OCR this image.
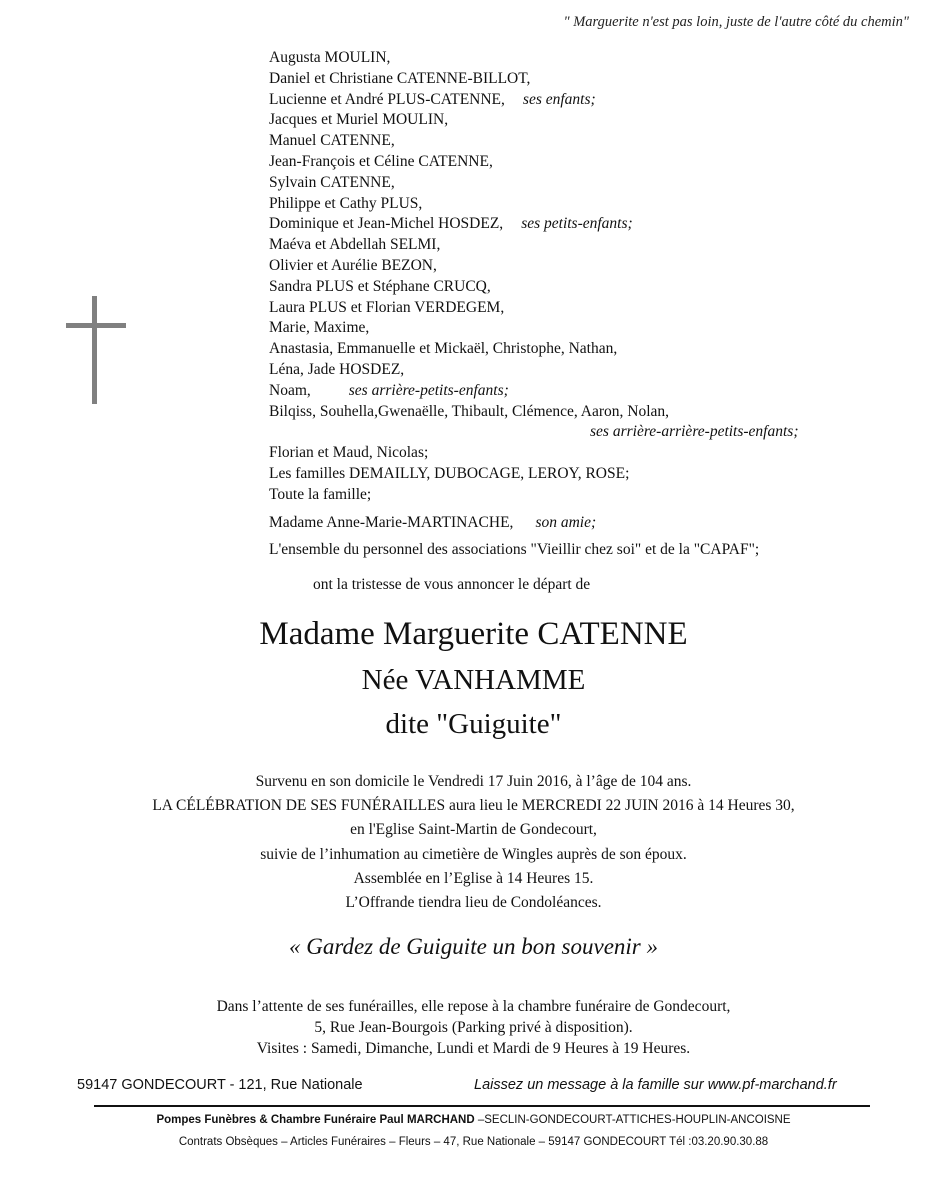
" Marguerite n'est pas loin, juste de l'autre côté du chemin"
Augusta MOULIN,
Daniel et Christiane CATENNE-BILLOT,
Lucienne et André PLUS-CATENNE, ses enfants;
Jacques et Muriel MOULIN,
Manuel CATENNE,
Jean-François et Céline CATENNE,
Sylvain CATENNE,
Philippe et Cathy PLUS,
Dominique et Jean-Michel HOSDEZ, ses petits-enfants;
Maéva et Abdellah SELMI,
Olivier et Aurélie BEZON,
Sandra PLUS et Stéphane CRUCQ,
Laura PLUS et Florian VERDEGEM,
Marie, Maxime,
Anastasia, Emmanuelle et Mickaël, Christophe, Nathan,
Léna, Jade HOSDEZ,
Noam, ses arrière-petits-enfants;
Bilqiss, Souhella,Gwenaëlle, Thibault, Clémence, Aaron, Nolan,
ses arrière-arrière-petits-enfants;
Florian et Maud, Nicolas;
Les familles DEMAILLY, DUBOCAGE, LEROY, ROSE;
Toute la famille;
Madame Anne-Marie-MARTINACHE, son amie;
L'ensemble du personnel des associations "Vieillir chez soi" et de la "CAPAF";
ont la tristesse de vous annoncer le départ de
Madame Marguerite CATENNE
Née VANHAMME
dite "Guiguite"
Survenu en son domicile le Vendredi 17 Juin 2016, à l’âge de 104 ans.
LA CÉLÉBRATION DE SES FUNÉRAILLES aura lieu le MERCREDI 22 JUIN 2016 à 14 Heures 30,
en l'Eglise Saint-Martin de Gondecourt,
suivie de l’inhumation au cimetière de Wingles auprès de son époux.
Assemblée en l’Eglise à 14 Heures 15.
L’Offrande tiendra lieu de Condoléances.
« Gardez de Guiguite un bon souvenir »
Dans l’attente de ses funérailles, elle repose à la chambre funéraire de Gondecourt,
5, Rue Jean-Bourgois (Parking privé à disposition).
Visites : Samedi, Dimanche, Lundi et Mardi de 9 Heures à 19 Heures.
59147 GONDECOURT - 121, Rue Nationale	Laissez un message à la famille sur www.pf-marchand.fr
Pompes Funèbres & Chambre Funéraire Paul MARCHAND –SECLIN-GONDECOURT-ATTICHES-HOUPLIN-ANCOISNE
Contrats Obsèques – Articles Funéraires – Fleurs – 47, Rue Nationale – 59147 GONDECOURT Tél :03.20.90.30.88
